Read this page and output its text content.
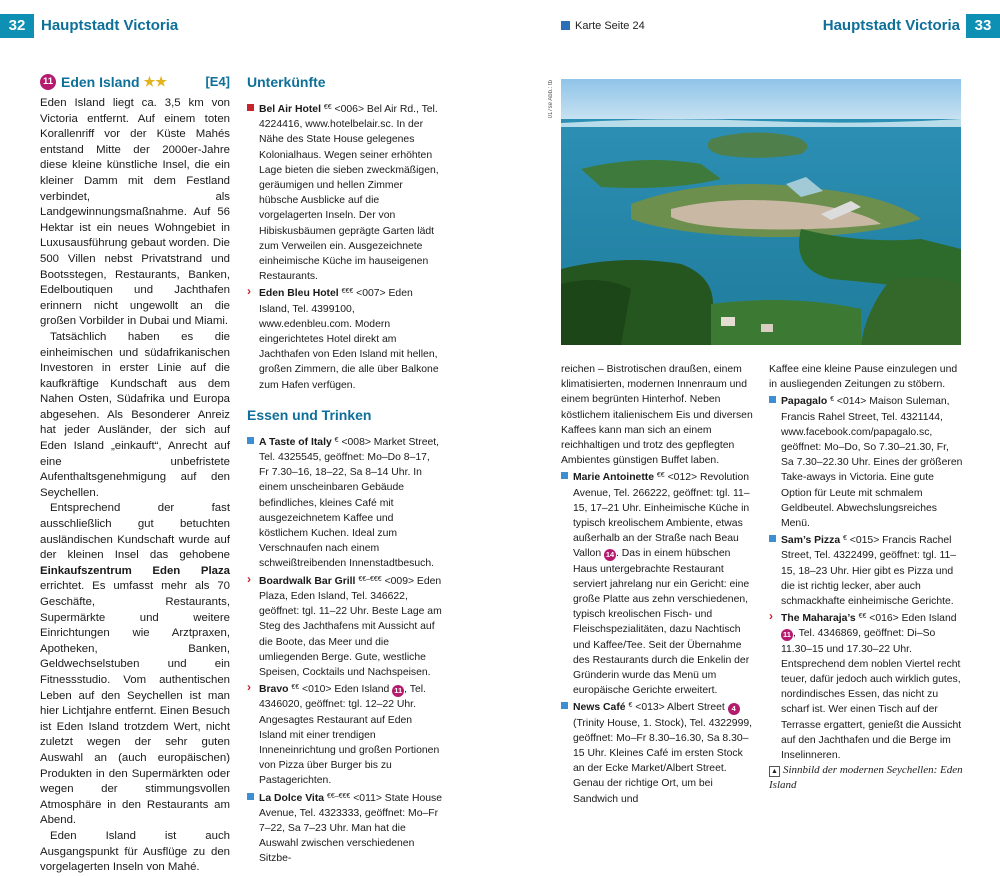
32	Hauptstadt Victoria	Karte Seite 24	Hauptstadt Victoria 33
11 Eden Island ★★	[E4]

Eden Island liegt ca. 3,5 km von Victoria entfernt. Auf einem toten Korallenriff vor der Küste Mahés entstand Mitte der 2000er-Jahre diese kleine künstliche Insel, die ein kleiner Damm mit dem Festland verbindet, als Landgewinnungsmaßnahme. Auf 56 Hektar ist ein neues Wohngebiet in Luxusausführung gebaut worden. Die 500 Villen nebst Privatstrand und Bootsstegen, Restaurants, Banken, Edelboutiquen und Jachthafen erinnern nicht ungewollt an die großen Vorbilder in Dubai und Miami.

Tatsächlich haben es die einheimischen und südafrikanischen Investoren in erster Linie auf die kaufkräftige Kundschaft aus dem Nahen Osten, Südafrika und Europa abgesehen. Als Besonderer Anreiz hat jeder Ausländer, der sich auf Eden Island „einkauft“, Anrecht auf eine unbefristete Aufenthaltsgenehmigung auf den Seychellen.

Entsprechend der fast ausschließlich gut betuchten ausländischen Kundschaft wurde auf der kleinen Insel das gehobene Einkaufszentrum Eden Plaza errichtet. Es umfasst mehr als 70 Geschäfte, Restaurants, Supermärkte und weitere Einrichtungen wie Arztpraxen, Apotheken, Banken, Geldwechselstuben und ein Fitnessstudio. Vom authentischen Leben auf den Seychellen ist man hier Lichtjahre entfernt. Einen Besuch ist Eden Island trotzdem Wert, nicht zuletzt wegen der sehr guten Auswahl an (auch europäischen) Produkten in den Supermärkten oder wegen der stimmungsvollen Atmosphäre in den Restaurants am Abend.

Eden Island ist auch Ausgangspunkt für Ausflüge zu den vorgelagerten Inseln von Mahé.

Unterkünfte
Bel Air Hotel €€ <006> Bel Air Rd., Tel. 4224416, www.hotelbelair.sc. In der Nähe des State House gelegenes Kolonialhaus. Wegen seiner erhöhten Lage bieten die sieben zweckmäßigen, geräumigen und hellen Zimmer hübsche Ausblicke auf die vorgelagerten Inseln. Der von Hibiskusbäumen geprägte Garten lädt zum Verweilen ein. Ausgezeichnete einheimische Küche im hauseigenen Restaurants.
› Eden Bleu Hotel €€€ <007> Eden Island, Tel. 4399100, www.edenbleu.com. Modern eingerichtetes Hotel direkt am Jachthafen von Eden Island mit hellen, großen Zimmern, die alle über Balkone zum Hafen verfügen.
Essen und Trinken
A Taste of Italy € <008> Market Street, Tel. 4325545, geöffnet: Mo–Do 8–17, Fr 7.30–16, 18–22, Sa 8–14 Uhr. In einem unscheinbaren Gebäude befindliches, kleines Café mit ausgezeichnetem Kaffee und köstlichem Kuchen. Ideal zum Verschnaufen nach einem schweißtreibenden Innenstadtbesuch.
› Boardwalk Bar Grill €€–€€€ <009> Eden Plaza, Eden Island, Tel. 346622, geöffnet: tgl. 11–22 Uhr. Beste Lage am Steg des Jachthafens mit Aussicht auf die Boote, das Meer und die umliegenden Berge. Gute, westliche Speisen, Cocktails und Nachspeisen.
› Bravo €€ <010> Eden Island 11 , Tel. 4346020, geöffnet: tgl. 12–22 Uhr. Angesagtes Restaurant auf Eden Island mit einer trendigen Inneneinrichtung und großen Portionen von Pizza über Burger bis zu Pastagerichten.
La Dolce Vita €€–€€€ <011> State House Avenue, Tel. 4323333, geöffnet: Mo–Fr 7–22, Sa 7–23 Uhr. Man hat die Auswahl zwischen verschiedenen Sitzbe-
017se Abb.: tb
reichen – Bistrotischen draußen, einem klimatisierten, modernen Innenraum und einem begrünten Hinterhof. Neben köstlichem italienischem Eis und diversen Kaffees kann man sich an einem reichhaltigen und trotz des gepflegten Ambientes günstigen Buffet laben.
Marie Antoinette €€ <012> Revolution Avenue, Tel. 266222, geöffnet: tgl. 11–15, 17–21 Uhr. Einheimische Küche in typisch kreolischem Ambiente, etwas außerhalb an der Straße nach Beau Vallon 14 . Das in einem hübschen Haus untergebrachte Restaurant serviert jahrelang nur ein Gericht: eine große Platte aus zehn verschiedenen, typisch kreolischen Fisch- und Fleischspezialitäten, dazu Nachtisch und Kaffee/Tee. Seit der Übernahme des Restaurants durch die Enkelin der Gründerin wurde das Menü um europäische Gerichte erweitert.
News Café € <013> Albert Street 4 (Trinity House, 1. Stock), Tel. 4322999, geöffnet: Mo–Fr 8.30–16.30, Sa 8.30–15 Uhr. Kleines Café im ersten Stock an der Ecke Market/Albert Street. Genau der richtige Ort, um bei Sandwich und
Kaffee eine kleine Pause einzulegen und in ausliegenden Zeitungen zu stöbern.
Papagalo € <014> Maison Suleman, Francis Rahel Street, Tel. 4321144, www.facebook.com/papagalo.sc, geöffnet: Mo–Do, So 7.30–21.30, Fr, Sa 7.30–22.30 Uhr. Eines der größeren Take-aways in Victoria. Eine gute Option für Leute mit schmalem Geldbeutel. Abwechslungsreiches Menü.
Sam’s Pizza € <015> Francis Rachel Street, Tel. 4322499, geöffnet: tgl. 11–15, 18–23 Uhr. Hier gibt es Pizza und die ist richtig lecker, aber auch schmackhafte einheimische Gerichte.
› The Maharaja’s €€ <016> Eden Island 11 , Tel. 4346869, geöffnet: Di–So 11.30–15 und 17.30–22 Uhr. Entsprechend dem noblen Viertel recht teuer, dafür jedoch auch wirklich gutes, nordindisches Essen, das nicht zu scharf ist. Wer einen Tisch auf der Terrasse ergattert, genießt die Aussicht auf den Jachthafen und die Berge im Inselinneren.
▲ Sinnbild der modernen Seychellen: Eden Island
